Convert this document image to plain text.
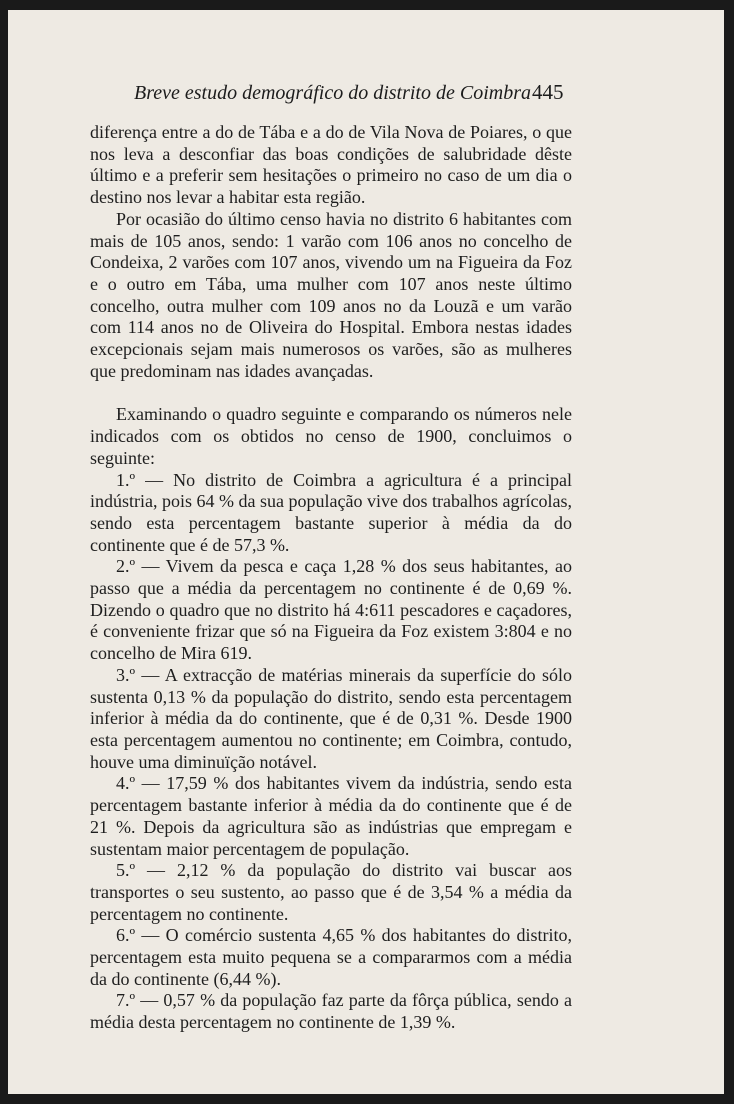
Breve estudo demográfico do distrito de Coimbra 445

diferença entre a do de Tába e a do de Vila Nova de Poiares, o que nos leva a desconfiar das boas condições de salubridade dêste último e a preferir sem hesitações o primeiro no caso de um dia o destino nos levar a habitar esta região.

Por ocasião do último censo havia no distrito 6 habitantes com mais de 105 anos, sendo: 1 varão com 106 anos no concelho de Condeixa, 2 varões com 107 anos, vivendo um na Figueira da Foz e o outro em Tába, uma mulher com 107 anos neste último concelho, outra mulher com 109 anos no da Louzã e um varão com 114 anos no de Oliveira do Hospital. Embora nestas idades excepcionais sejam mais numerosos os varões, são as mulheres que predominam nas idades avançadas.

Examinando o quadro seguinte e comparando os números nele indicados com os obtidos no censo de 1900, concluimos o seguinte:

1.º — No distrito de Coimbra a agricultura é a principal indústria, pois 64 % da sua população vive dos trabalhos agrícolas, sendo esta percentagem bastante superior à média da do continente que é de 57,3 %.

2.º — Vivem da pesca e caça 1,28 % dos seus habitantes, ao passo que a média da percentagem no continente é de 0,69 %. Dizendo o quadro que no distrito há 4:611 pescadores e caçadores, é conveniente frizar que só na Figueira da Foz existem 3:804 e no concelho de Mira 619.

3.º — A extracção de matérias minerais da superfície do sólo sustenta 0,13 % da população do distrito, sendo esta percentagem inferior à média da do continente, que é de 0,31 %. Desde 1900 esta percentagem aumentou no continente; em Coimbra, contudo, houve uma diminuïção notável.

4.º — 17,59 % dos habitantes vivem da indústria, sendo esta percentagem bastante inferior à média da do continente que é de 21 %. Depois da agricultura são as indústrias que empregam e sustentam maior percentagem de população.

5.º — 2,12 % da população do distrito vai buscar aos transportes o seu sustento, ao passo que é de 3,54 % a média da percentagem no continente.

6.º — O comércio sustenta 4,65 % dos habitantes do distrito, percentagem esta muito pequena se a compararmos com a média da do continente (6,44 %).

7.º — 0,57 % da população faz parte da fôrça pública, sendo a média desta percentagem no continente de 1,39 %.
